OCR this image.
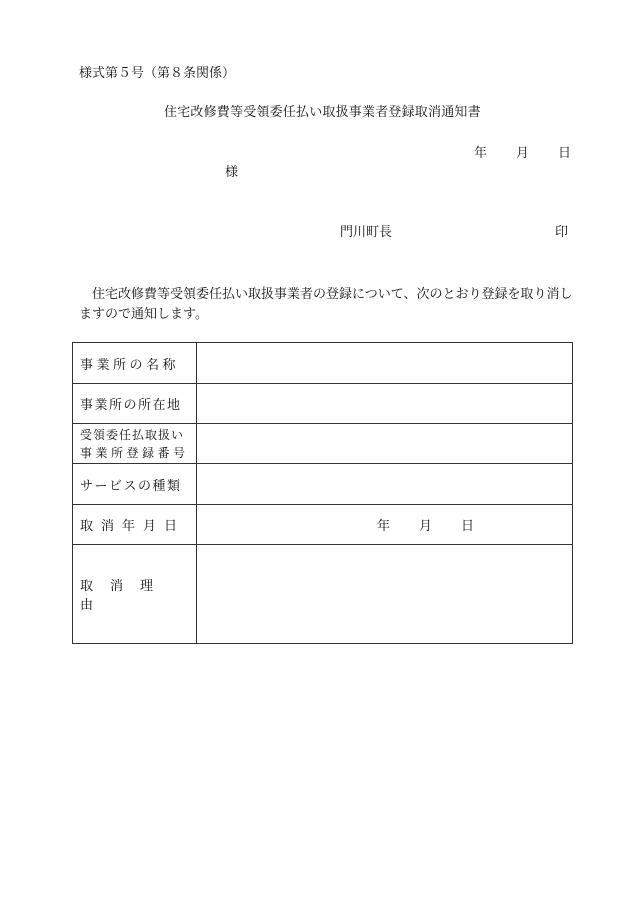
様式第５号（第８条関係）
住宅改修費等受領委任払い取扱事業者登録取消通知書
年 月 日
様
門川町長	印

住宅改修費等受領委任払い取扱事業者の登録について、次のとおり登録を取り消しますので通知します。

事業所の名称	
事業所の所在地	

受領委任払取扱い
事業所登録番号	

サービスの種類	
取消年月日	年 月 日
取消理由	
